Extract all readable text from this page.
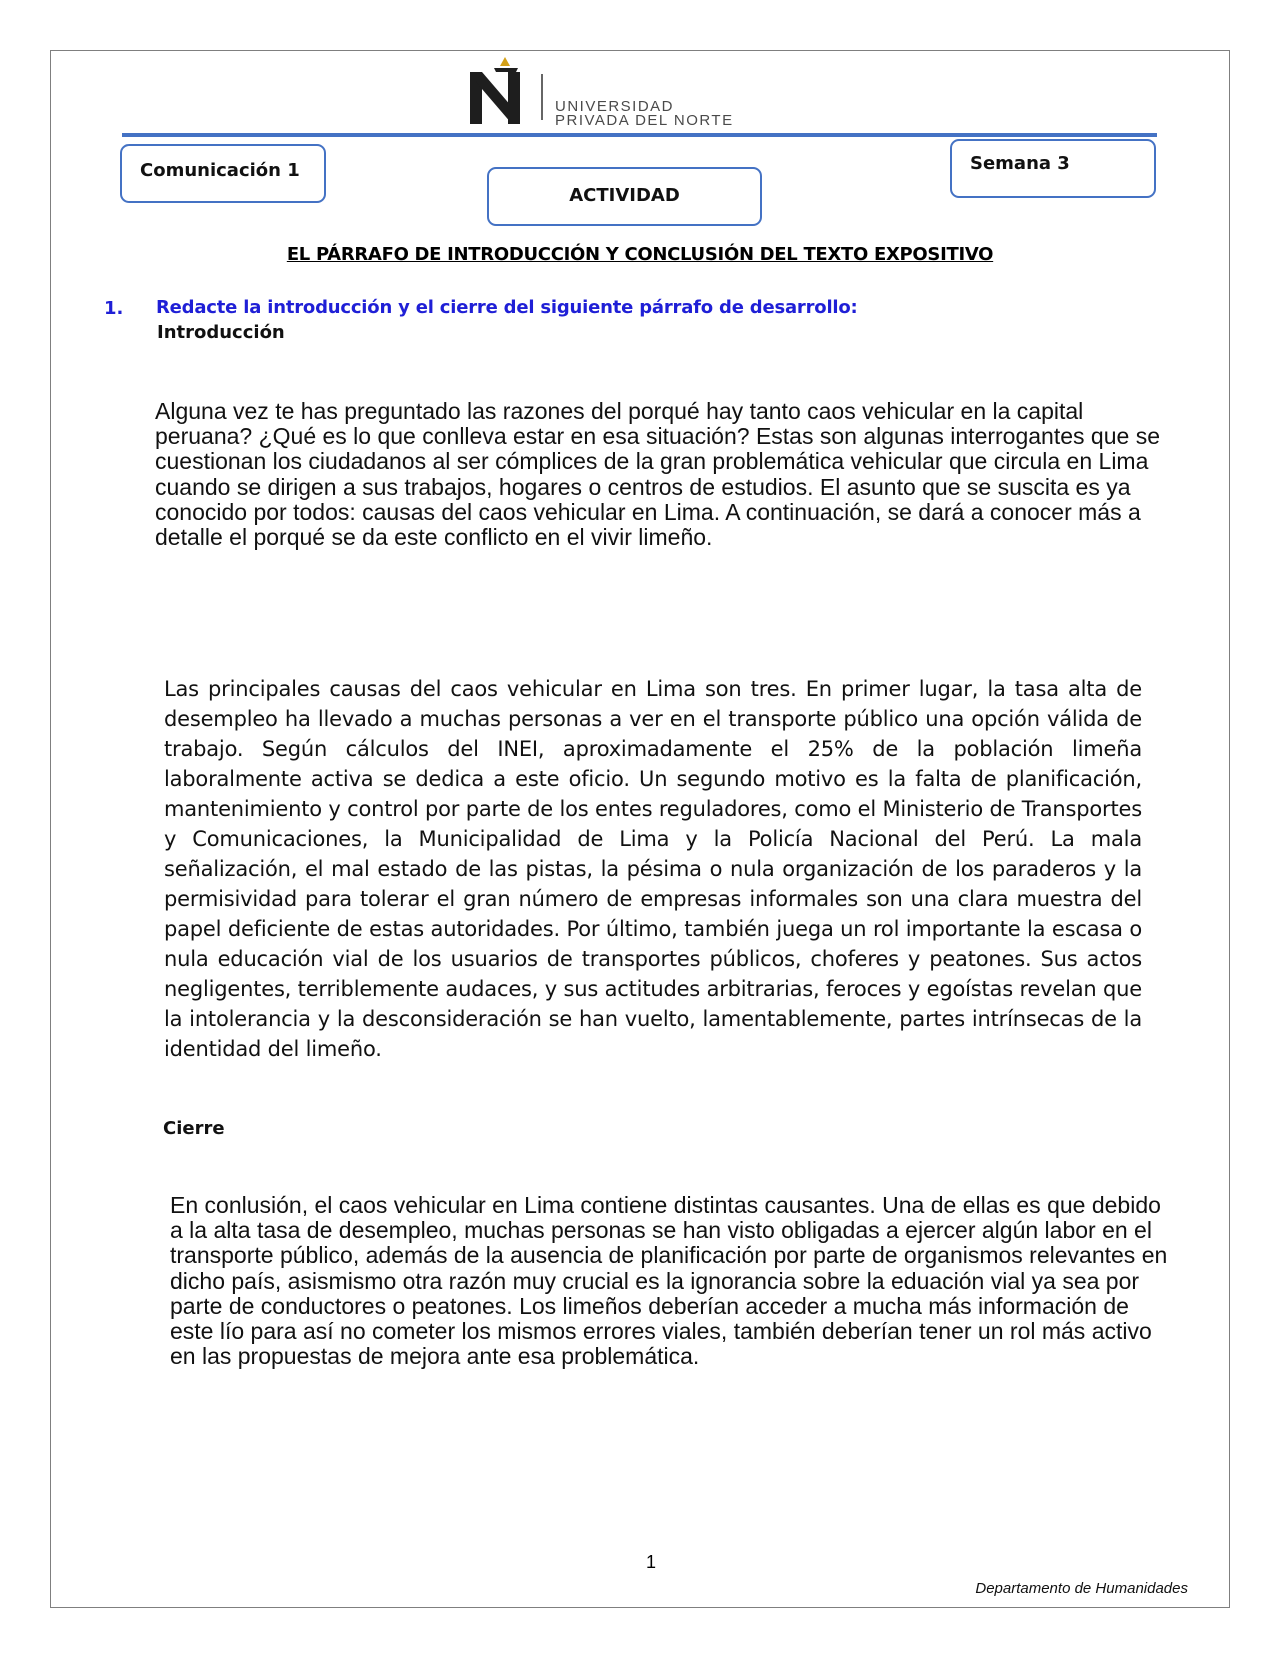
UNIVERSIDAD
PRIVADA DEL NORTE
Comunicación 1
ACTIVIDAD
Semana 3
EL PÁRRAFO DE INTRODUCCIÓN Y CONCLUSIÓN DEL TEXTO EXPOSITIVO
1. Redacte la introducción y el cierre del siguiente párrafo de desarrollo:
Introducción

Alguna vez te has preguntado las razones del porqué hay tanto caos vehicular en la capital peruana? ¿Qué es lo que conlleva estar en esa situación? Estas son algunas interrogantes que se cuestionan los ciudadanos al ser cómplices de la gran problemática vehicular que circula en Lima cuando se dirigen a sus trabajos, hogares o centros de estudios. El asunto que se suscita es ya conocido por todos: causas del caos vehicular en Lima. A continuación, se dará a conocer más a detalle el porqué se da este conflicto en el vivir limeño.

Las principales causas del caos vehicular en Lima son tres. En primer lugar, la tasa alta de desempleo ha llevado a muchas personas a ver en el transporte público una opción válida de trabajo. Según cálculos del INEI, aproximadamente el 25% de la población limeña laboralmente activa se dedica a este oficio. Un segundo motivo es la falta de planificación, mantenimiento y control por parte de los entes reguladores, como el Ministerio de Transportes y Comunicaciones, la Municipalidad de Lima y la Policía Nacional del Perú. La mala señalización, el mal estado de las pistas, la pésima o nula organización de los paraderos y la permisividad para tolerar el gran número de empresas informales son una clara muestra del papel deficiente de estas autoridades. Por último, también juega un rol importante la escasa o nula educación vial de los usuarios de transportes públicos, choferes y peatones. Sus actos negligentes, terriblemente audaces, y sus actitudes arbitrarias, feroces y egoístas revelan que la intolerancia y la desconsideración se han vuelto, lamentablemente, partes intrínsecas de la identidad del limeño.

Cierre

En conlusión, el caos vehicular en Lima contiene distintas causantes. Una de ellas es que debido a la alta tasa de desempleo, muchas personas se han visto obligadas a ejercer algún labor en el transporte público, además de la ausencia de planificación por parte de organismos relevantes en dicho país, asismismo otra razón muy crucial es la ignorancia sobre la eduación vial ya sea por parte de conductores o peatones. Los limeños deberían acceder a mucha más información de este lío para así no cometer los mismos errores viales, también deberían tener un rol más activo en las propuestas de mejora ante esa problemática.

1
Departamento de Humanidades
